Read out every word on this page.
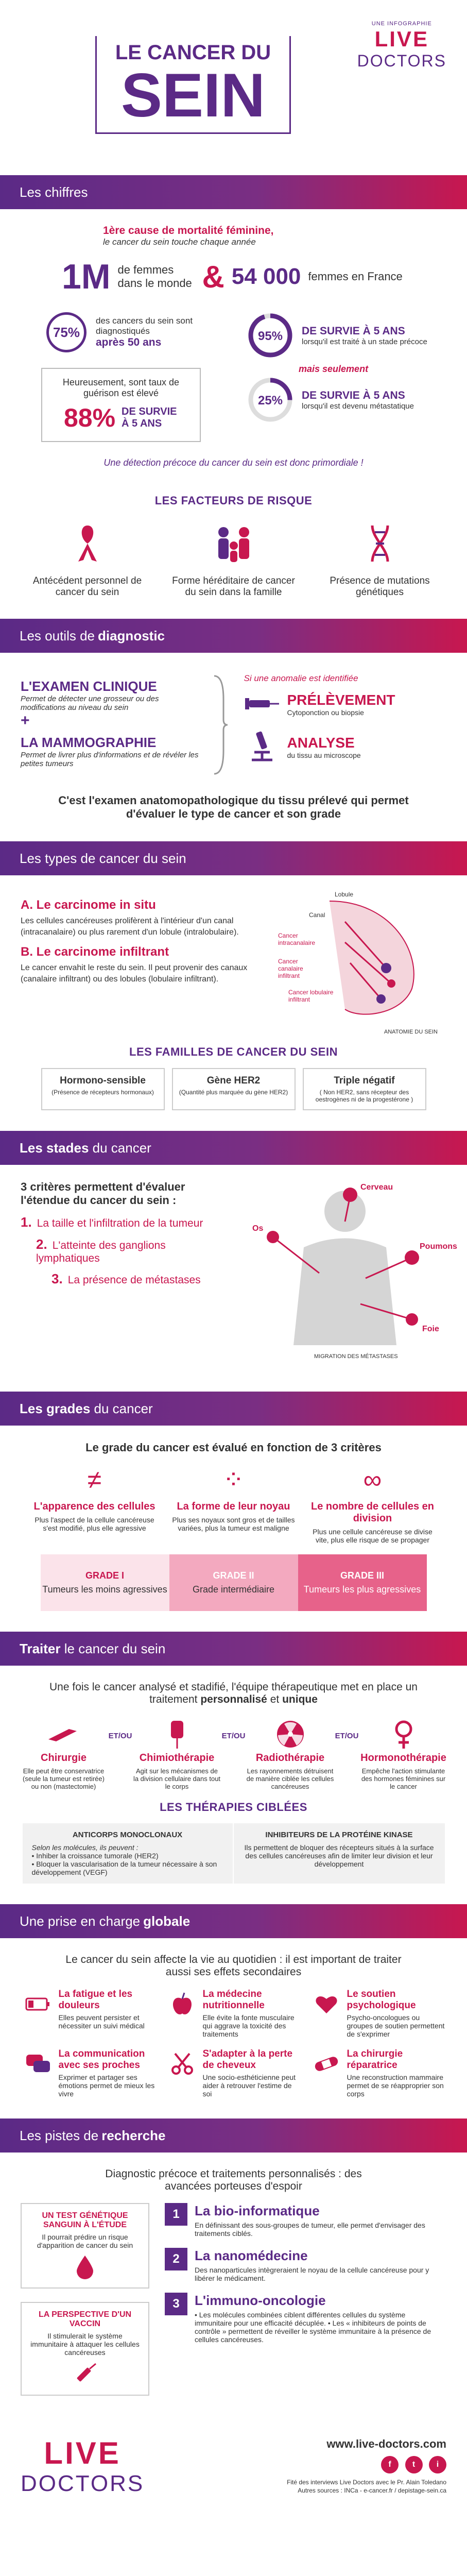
LE CANCER DU
SEIN
UNE INFOGRAPHIE
LIVE
DOCTORS
Les chiffres
1ère cause de mortalité féminine,
le cancer du sein touche chaque année
1M de femmes dans le monde & 54 000 femmes en France
75%
des cancers du sein sont diagnostiqués
après 50 ans
Heureusement, sont taux de guérison est élevé
88% DE SURVIE À 5 ANS
95% DE SURVIE À 5 ANS
lorsqu'il est traité à un stade précoce
mais seulement
25% DE SURVIE À 5 ANS
lorsqu'il est devenu métastatique
Une détection précoce du cancer du sein est donc primordiale !
LES FACTEURS DE RISQUE
Antécédent personnel de cancer du sein
Forme héréditaire de cancer du sein dans la famille
Présence de mutations génétiques
Les outils de diagnostic
L'EXAMEN CLINIQUE
Permet de détecter une grosseur ou des modifications au niveau du sein
+
LA MAMMOGRAPHIE
Permet de livrer plus d'informations et de révéler les petites tumeurs
Si une anomalie est identifiée
PRÉLÈVEMENT
Cytoponction ou biopsie
ANALYSE
du tissu au microscope
C'est l'examen anatomopathologique du tissu prélevé qui permet d'évaluer le type de cancer et son grade
Les types de cancer du sein
A. Le carcinome in situ

Les cellules cancéreuses prolifèrent à l'intérieur d'un canal (intracanalaire) ou plus rarement d'un lobule (intralobulaire).

B. Le carcinome infiltrant

Le cancer envahit le reste du sein. Il peut provenir des canaux (canalaire infiltrant) ou des lobules (lobulaire infiltrant).

Lobule
Canal
Cancer intracanalaire
Cancer canalaire infiltrant
Cancer lobulaire infiltrant
ANATOMIE DU SEIN
LES FAMILLES DE CANCER DU SEIN
Hormono-sensible
(Présence de récepteurs hormonaux)
Gène HER2
(Quantité plus marquée du gène HER2)
Triple négatif
( Non HER2, sans récepteur des oestrogènes ni de la progestérone )
Les stades
du cancer
3 critères permettent d'évaluer l'étendue du cancer du sein :
1. La taille et l'infiltration de la tumeur
2. L'atteinte des ganglions lymphatiques
3. La présence de métastases
Cerveau
Os
Poumons
Foie
MIGRATION DES MÉTASTASES
Les grades
du cancer
Le grade du cancer est évalué en fonction de 3 critères
≠
L'apparence des cellules
Plus l'aspect de la cellule cancéreuse s'est modifié, plus elle agressive
⁘
La forme de leur noyau
Plus ses noyaux sont gros et de tailles variées, plus la tumeur est maligne
∞
Le nombre de cellules en division
Plus une cellule cancéreuse se divise vite, plus elle risque de se propager
GRADE I
Tumeurs les moins agressives
GRADE II
Grade intermédiaire
GRADE III
Tumeurs les plus agressives
Traiter
le cancer du sein
Une fois le cancer analysé et stadifié, l'équipe thérapeutique met en place un traitement personnalisé et unique
Chirurgie
Elle peut être conservatrice (seule la tumeur est retirée) ou non (mastectomie)
ET/OU
Chimiothérapie
Agit sur les mécanismes de la division cellulaire dans tout le corps
ET/OU
Radiothérapie
Les rayonnements détruisent de manière ciblée les cellules cancéreuses
ET/OU
Hormonothérapie
Empêche l'action stimulante des hormones féminines sur le cancer
LES THÉRAPIES CIBLÉES
ANTICORPS MONOCLONAUX
Selon les molécules, ils peuvent :
• Inhiber la croissance tumorale (HER2)
• Bloquer la vascularisation de la tumeur nécessaire à son développement (VEGF)
INHIBITEURS DE LA PROTÉINE KINASE
Ils permettent de bloquer des récepteurs situés à la surface des cellules cancéreuses afin de limiter leur division et leur développement
Une prise en charge globale
Le cancer du sein affecte la vie au quotidien : il est important de traiter aussi ses effets secondaires
La fatigue et les douleurs
Elles peuvent persister et nécessiter un suivi médical
La médecine nutritionnelle
Elle évite la fonte musculaire qui aggrave la toxicité des traitements
Le soutien psychologique
Psycho-oncologues ou groupes de soutien permettent de s'exprimer
La communication avec ses proches
Exprimer et partager ses émotions permet de mieux les vivre
S'adapter à la perte de cheveux
Une socio-esthéticienne peut aider à retrouver l'estime de soi
La chirurgie réparatrice
Une reconstruction mammaire permet de se réapproprier son corps
Les pistes de recherche
Diagnostic précoce et traitements personnalisés : des avancées porteuses d'espoir
UN TEST GÉNÉTIQUE SANGUIN À L'ÉTUDE
Il pourrait prédire un risque d'apparition de cancer du sein
LA PERSPECTIVE D'UN VACCIN
Il stimulerait le système immunitaire à attaquer les cellules cancéreuses
1	La bio-informatique
En définissant des sous-groupes de tumeur, elle permet d'envisager des traitements ciblés.
2	La nanomédecine
Des nanoparticules intègreraient le noyau de la cellule cancéreuse pour y libérer le médicament.
3	L'immuno-oncologie
• Les molécules combinées ciblent différentes cellules du système immunitaire pour une efficacité décuplée. • Les « inhibiteurs de points de contrôle » permettent de réveiller le système immunitaire à la présence de cellules cancéreuses.
LIVE
DOCTORS
www.live-doctors.com
f	t	i
Fité des interviews Live Doctors avec le Pr. Alain Toledano
Autres sources : INCa - e-cancer.fr / depistage-sein.ca
